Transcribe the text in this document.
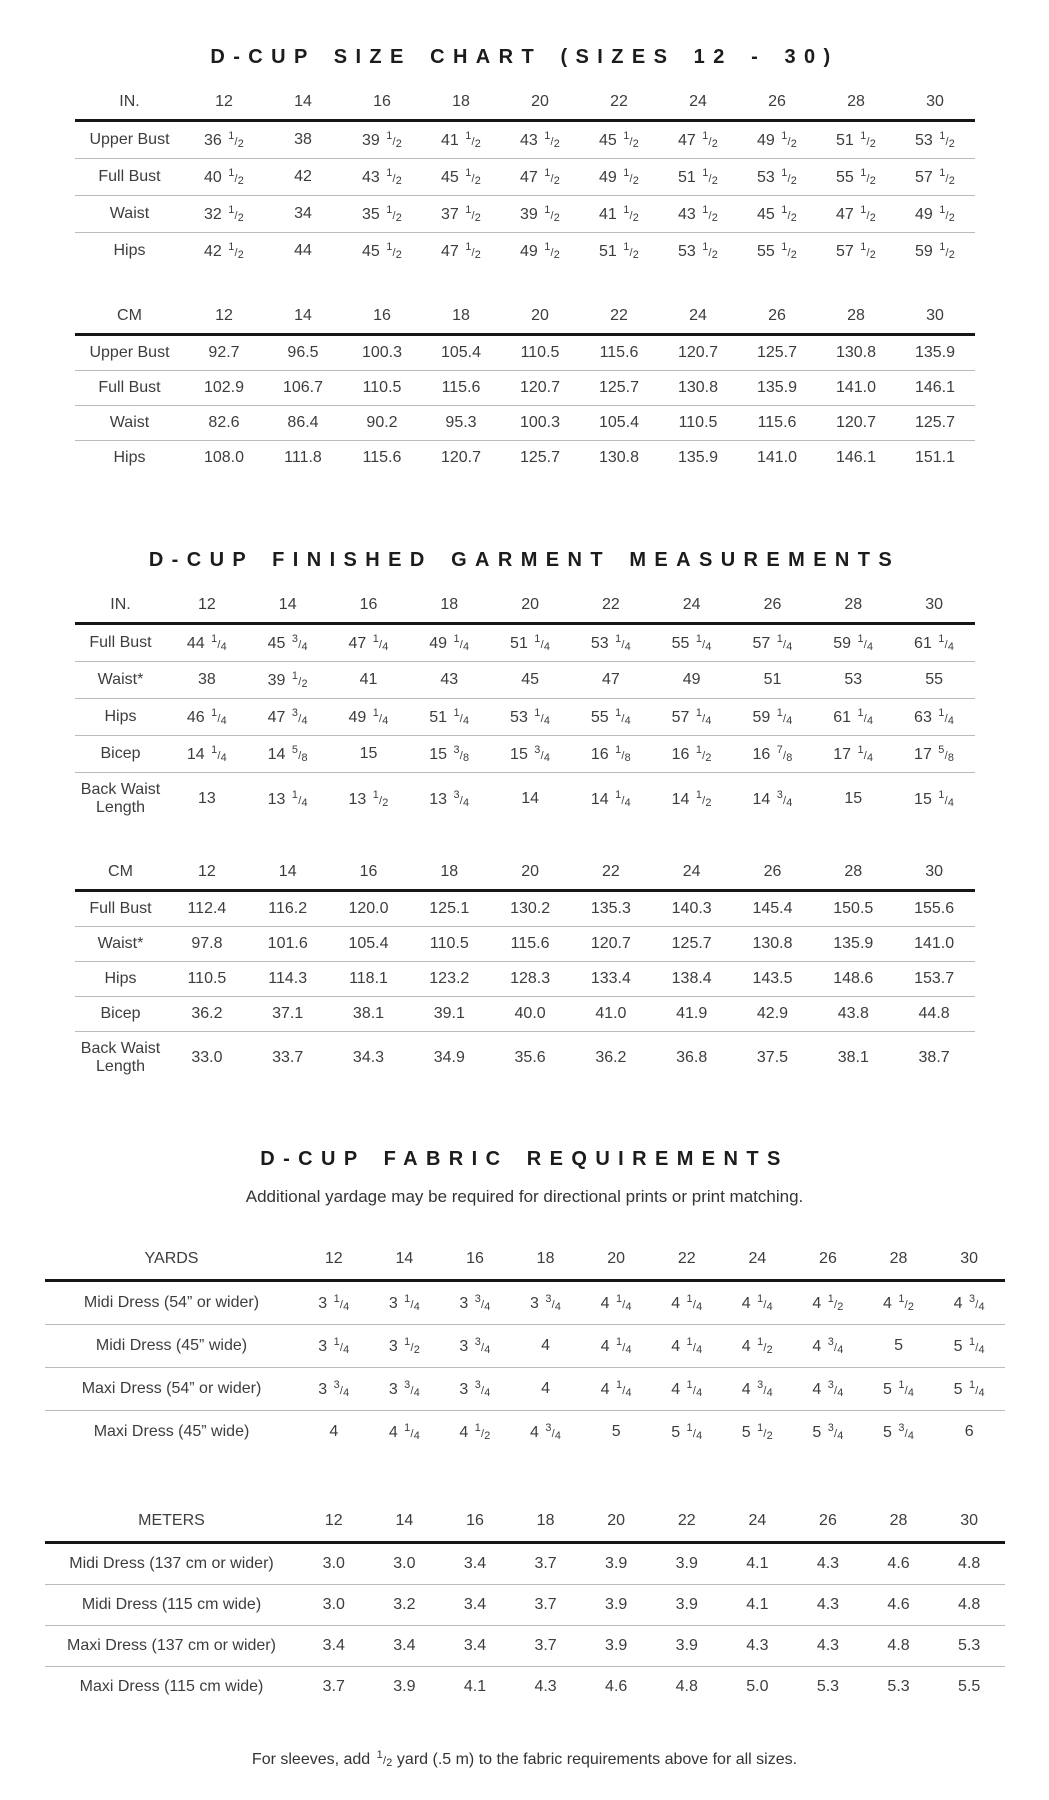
D-CUP SIZE CHART (SIZES 12 - 30)
IN.	12	14	16	18	20	22	24	26	28	30
Upper Bust	36 $^1/_2$	38	39 $^1/_2$	41 $^1/_2$	43 $^1/_2$	45 $^1/_2$	47 $^1/_2$	49 $^1/_2$	51 $^1/_2$	53 $^1/_2$
Full Bust	40 $^1/_2$	42	43 $^1/_2$	45 $^1/_2$	47 $^1/_2$	49 $^1/_2$	51 $^1/_2$	53 $^1/_2$	55 $^1/_2$	57 $^1/_2$
Waist	32 $^1/_2$	34	35 $^1/_2$	37 $^1/_2$	39 $^1/_2$	41 $^1/_2$	43 $^1/_2$	45 $^1/_2$	47 $^1/_2$	49 $^1/_2$
Hips	42 $^1/_2$	44	45 $^1/_2$	47 $^1/_2$	49 $^1/_2$	51 $^1/_2$	53 $^1/_2$	55 $^1/_2$	57 $^1/_2$	59 $^1/_2$
CM	12	14	16	18	20	22	24	26	28	30
Upper Bust	92.7	96.5	100.3	105.4	110.5	115.6	120.7	125.7	130.8	135.9
Full Bust	102.9	106.7	110.5	115.6	120.7	125.7	130.8	135.9	141.0	146.1
Waist	82.6	86.4	90.2	95.3	100.3	105.4	110.5	115.6	120.7	125.7
Hips	108.0	111.8	115.6	120.7	125.7	130.8	135.9	141.0	146.1	151.1
D-CUP FINISHED GARMENT MEASUREMENTS
IN.	12	14	16	18	20	22	24	26	28	30
Full Bust	44 $^1/_4$	45 $^3/_4$	47 $^1/_4$	49 $^1/_4$	51 $^1/_4$	53 $^1/_4$	55 $^1/_4$	57 $^1/_4$	59 $^1/_4$	61 $^1/_4$
Waist*	38	39 $^1/_2$	41	43	45	47	49	51	53	55
Hips	46 $^1/_4$	47 $^3/_4$	49 $^1/_4$	51 $^1/_4$	53 $^1/_4$	55 $^1/_4$	57 $^1/_4$	59 $^1/_4$	61 $^1/_4$	63 $^1/_4$
Bicep	14 $^1/_4$	14 $^5/_8$	15	15 $^3/_8$	15 $^3/_4$	16 $^1/_8$	16 $^1/_2$	16 $^7/_8$	17 $^1/_4$	17 $^5/_8$
Back Waist Length	13	13 $^1/_4$	13 $^1/_2$	13 $^3/_4$	14	14 $^1/_4$	14 $^1/_2$	14 $^3/_4$	15	15 $^1/_4$
CM	12	14	16	18	20	22	24	26	28	30
Full Bust	112.4	116.2	120.0	125.1	130.2	135.3	140.3	145.4	150.5	155.6
Waist*	97.8	101.6	105.4	110.5	115.6	120.7	125.7	130.8	135.9	141.0
Hips	110.5	114.3	118.1	123.2	128.3	133.4	138.4	143.5	148.6	153.7
Bicep	36.2	37.1	38.1	39.1	40.0	41.0	41.9	42.9	43.8	44.8
Back Waist Length	33.0	33.7	34.3	34.9	35.6	36.2	36.8	37.5	38.1	38.7
D-CUP FABRIC REQUIREMENTS

Additional yardage may be required for directional prints or print matching.

YARDS	12	14	16	18	20	22	24	26	28	30
Midi Dress (54” or wider)	3 $^1/_4$	3 $^1/_4$	3 $^3/_4$	3 $^3/_4$	4 $^1/_4$	4 $^1/_4$	4 $^1/_4$	4 $^1/_2$	4 $^1/_2$	4 $^3/_4$
Midi Dress (45” wide)	3 $^1/_4$	3 $^1/_2$	3 $^3/_4$	4	4 $^1/_4$	4 $^1/_4$	4 $^1/_2$	4 $^3/_4$	5	5 $^1/_4$
Maxi Dress (54” or wider)	3 $^3/_4$	3 $^3/_4$	3 $^3/_4$	4	4 $^1/_4$	4 $^1/_4$	4 $^3/_4$	4 $^3/_4$	5 $^1/_4$	5 $^1/_4$
Maxi Dress (45” wide)	4	4 $^1/_4$	4 $^1/_2$	4 $^3/_4$	5	5 $^1/_4$	5 $^1/_2$	5 $^3/_4$	5 $^3/_4$	6
METERS	12	14	16	18	20	22	24	26	28	30
Midi Dress (137 cm or wider)	3.0	3.0	3.4	3.7	3.9	3.9	4.1	4.3	4.6	4.8
Midi Dress (115 cm wide)	3.0	3.2	3.4	3.7	3.9	3.9	4.1	4.3	4.6	4.8
Maxi Dress (137 cm or wider)	3.4	3.4	3.4	3.7	3.9	3.9	4.3	4.3	4.8	5.3
Maxi Dress (115 cm wide)	3.7	3.9	4.1	4.3	4.6	4.8	5.0	5.3	5.3	5.5

For sleeves, add $^1/_2$ yard (.5 m) to the fabric requirements above for all sizes.
